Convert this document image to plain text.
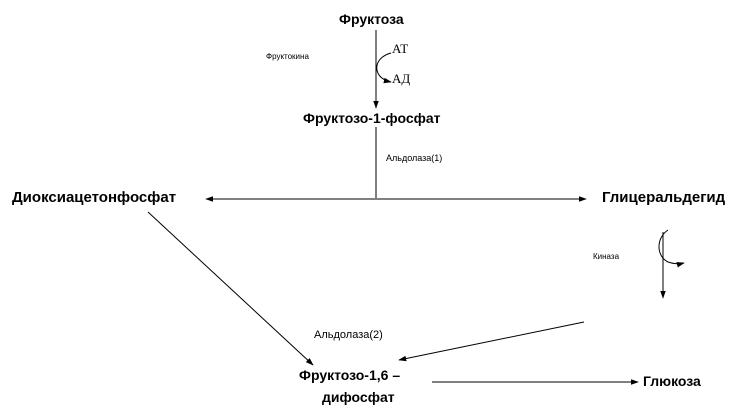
Фруктоза
Фруктокина
АТ
АД
Фруктозо-1-фосфат
Альдолаза(1)
Диоксиацетонфосфат	Глицеральдегид
Киназа
Альдолаза(2)
Фруктозо-1,6 –
дифосфат
Глюкоза
